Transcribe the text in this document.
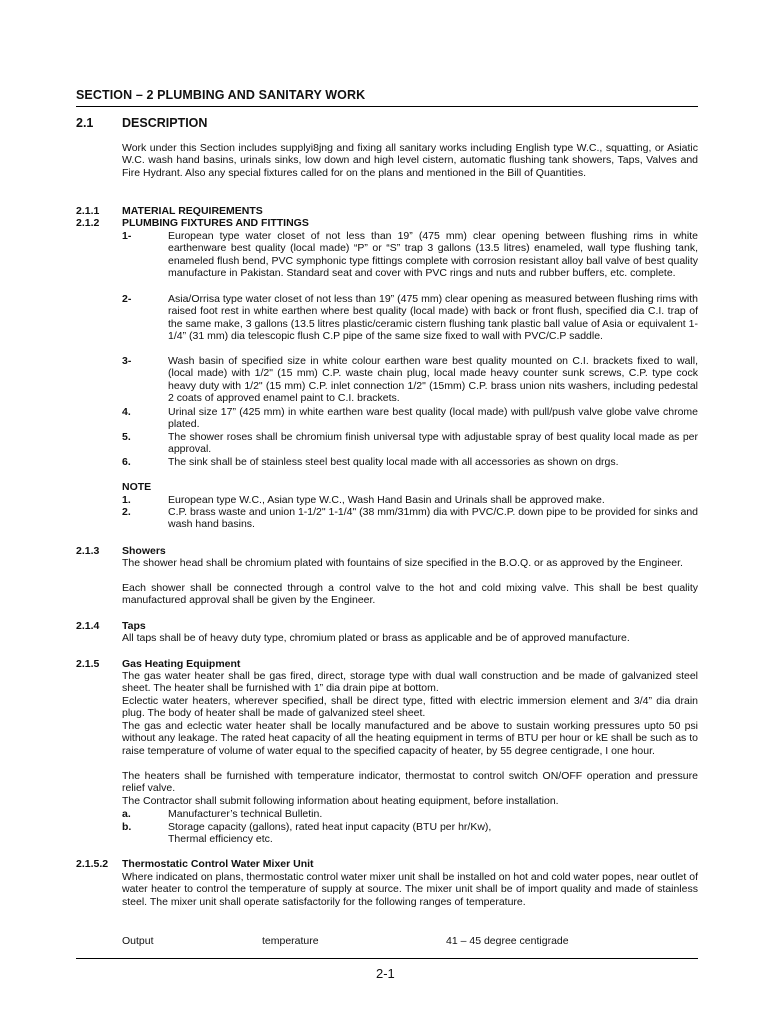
SECTION – 2 PLUMBING AND SANITARY WORK
2.1 DESCRIPTION
Work under this Section includes supplyi8jng and fixing all sanitary works including English type W.C., squatting, or Asiatic W.C. wash hand basins, urinals sinks, low down and high level cistern, automatic flushing tank showers, Taps, Valves and Fire Hydrant. Also any special fixtures called for on the plans and mentioned in the Bill of Quantities.
2.1.1 MATERIAL REQUIREMENTS
2.1.2 PLUMBING FIXTURES AND FITTINGS
1-	European type water closet of not less than 19” (475 mm) clear opening between flushing rims in white earthenware best quality (local made) “P” or “S” trap 3 gallons (13.5 litres) enameled, wall type flushing tank, enameled flush bend, PVC symphonic type fittings complete with corrosion resistant alloy ball valve of best quality manufacture in Pakistan. Standard seat and cover with PVC rings and nuts and rubber buffers, etc. complete.
2-	Asia/Orrisa type water closet of not less than 19” (475 mm) clear opening as measured between flushing rims with raised foot rest in white earthen where best quality (local made) with back or front flush, specified dia C.I. trap of the same make, 3 gallons (13.5 litres plastic/ceramic cistern flushing tank plastic ball value of Asia or equivalent 1-1/4” (31 mm) dia telescopic flush C.P pipe of the same size fixed to wall with PVC/C.P saddle.
3-	Wash basin of specified size in white colour earthen ware best quality mounted on C.I. brackets fixed to wall, (local made) with 1/2" (15 mm) C.P. waste chain plug, local made heavy counter sunk screws, C.P. type cock heavy duty with 1/2" (15 mm) C.P. inlet connection 1/2" (15mm) C.P. brass union nits washers, including pedestal 2 coats of approved enamel paint to C.I. brackets.
4.	Urinal size 17” (425 mm) in white earthen ware best quality (local made) with pull/push valve globe valve chrome plated.
5.	The shower roses shall be chromium finish universal type with adjustable spray of best quality local made as per approval.
6.	The sink shall be of stainless steel best quality local made with all accessories as shown on drgs.
NOTE
1.	European type W.C., Asian type W.C., Wash Hand Basin and Urinals shall be approved make.
2.	C.P. brass waste and union 1-1/2" 1-1/4" (38 mm/31mm) dia with PVC/C.P. down pipe to be provided for sinks and wash hand basins.
2.1.3 Showers
The shower head shall be chromium plated with fountains of size specified in the B.O.Q. or as approved by the Engineer.
Each shower shall be connected through a control valve to the hot and cold mixing valve. This shall be best quality manufactured approval shall be given by the Engineer.
2.1.4 Taps
All taps shall be of heavy duty type, chromium plated or brass as applicable and be of approved manufacture.
2.1.5 Gas Heating Equipment
The gas water heater shall be gas fired, direct, storage type with dual wall construction and be made of galvanized steel sheet. The heater shall be furnished with 1” dia drain pipe at bottom.
Eclectic water heaters, wherever specified, shall be direct type, fitted with electric immersion element and 3/4” dia drain plug. The body of heater shall be made of galvanized steel sheet.
The gas and eclectic water heater shall be locally manufactured and be above to sustain working pressures upto 50 psi without any leakage. The rated heat capacity of all the heating equipment in terms of BTU per hour or kE shall be such as to raise temperature of volume of water equal to the specified capacity of heater, by 55 degree centigrade, I one hour.
The heaters shall be furnished with temperature indicator, thermostat to control switch ON/OFF operation and pressure relief valve.
The Contractor shall submit following information about heating equipment, before installation.
a.	Manufacturer’s technical Bulletin.
b.	Storage capacity (gallons), rated heat input capacity (BTU per hr/Kw), Thermal efficiency etc.
2.1.5.2 Thermostatic Control Water Mixer Unit
Where indicated on plans, thermostatic control water mixer unit shall be installed on hot and cold water popes, near outlet of water heater to control the temperature of supply at source. The mixer unit shall be of import quality and made of stainless steel. The mixer unit shall operate satisfactorily for the following ranges of temperature.
Output	temperature	41 – 45 degree centigrade
2-1
